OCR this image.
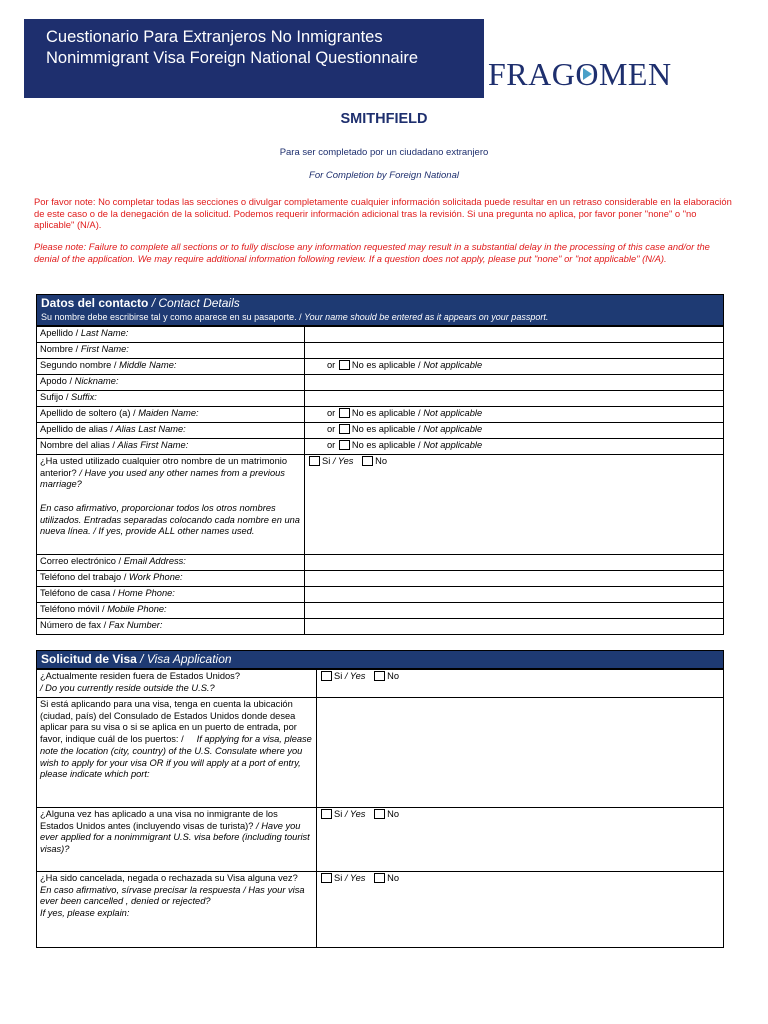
Cuestionario Para Extranjeros No Inmigrantes
Nonimmigrant Visa Foreign National Questionnaire	FRAGO
MEN
SMITHFIELD
Para ser completado por un ciudadano extranjero
For Completion by Foreign National
Por favor note: No completar todas las secciones o divulgar completamente cualquier información solicitada puede resultar en un retraso considerable en la elaboración de este caso o de la denegación de la solicitud. Podemos requerir información adicional tras la revisión. Si una pregunta no aplica, por favor poner "none" o "no aplicable" (N/A).
Please note: Failure to complete all sections or to fully disclose any information requested may result in a substantial delay in the processing of this case and/or the denial of the application. We may require additional information following review. If a question does not apply, please put "none" or "not applicable" (N/A).
Datos del contacto / Contact Details
Su nombre debe escribirse tal y como aparece en su pasaporte. / Your name should be entered as it appears on your passport.
Apellido / Last Name:
Nombre / First Name:
Segundo nombre / Middle Name:	or No es aplicable / Not applicable
Apodo / Nickname:
Sufijo / Suffix:
Apellido de soltero (a) / Maiden Name:	or No es aplicable / Not applicable
Apellido de alias / Alias Last Name:	or No es aplicable / Not applicable
Nombre del alias / Alias First Name:	or No es aplicable / Not applicable
¿Ha usted utilizado cualquier otro nombre de un matrimonio anterior? / Have you used any other names from a previous marriage?

En caso afirmativo, proporcionar todos los otros nombres utilizados. Entradas separadas colocando cada nombre en una nueva línea. / If yes, provide ALL other names used.
Si / Yes No
Correo electrónico / Email Address:
Teléfono del trabajo / Work Phone:
Teléfono de casa / Home Phone:
Teléfono móvil / Mobile Phone:
Número de fax / Fax Number:
Solicitud de Visa / Visa Application
¿Actualmente residen fuera de Estados Unidos?
/ Do you currently reside outside the U.S.?
Si / Yes No
Si está aplicando para una visa, tenga en cuenta la ubicación (ciudad, país) del Consulado de Estados Unidos donde desea aplicar para su visa o si se aplica en un puerto de entrada, por favor, indique cuál de los puertos: /     If applying for a visa, please note the location (city, country) of the U.S. Consulate where you wish to apply for your visa OR if you will apply at a port of entry, please indicate which port:
¿Alguna vez has aplicado a una visa no inmigrante de los Estados Unidos antes (incluyendo visas de turista)? / Have you ever applied for a nonimmigrant U.S. visa before (including tourist visas)?
Si / Yes No
¿Ha sido cancelada, negada o rechazada su Visa alguna vez?
En caso afirmativo, sírvase precisar la respuesta / Has your visa ever been cancelled , denied or rejected?
If yes, please explain:
Si / Yes No
